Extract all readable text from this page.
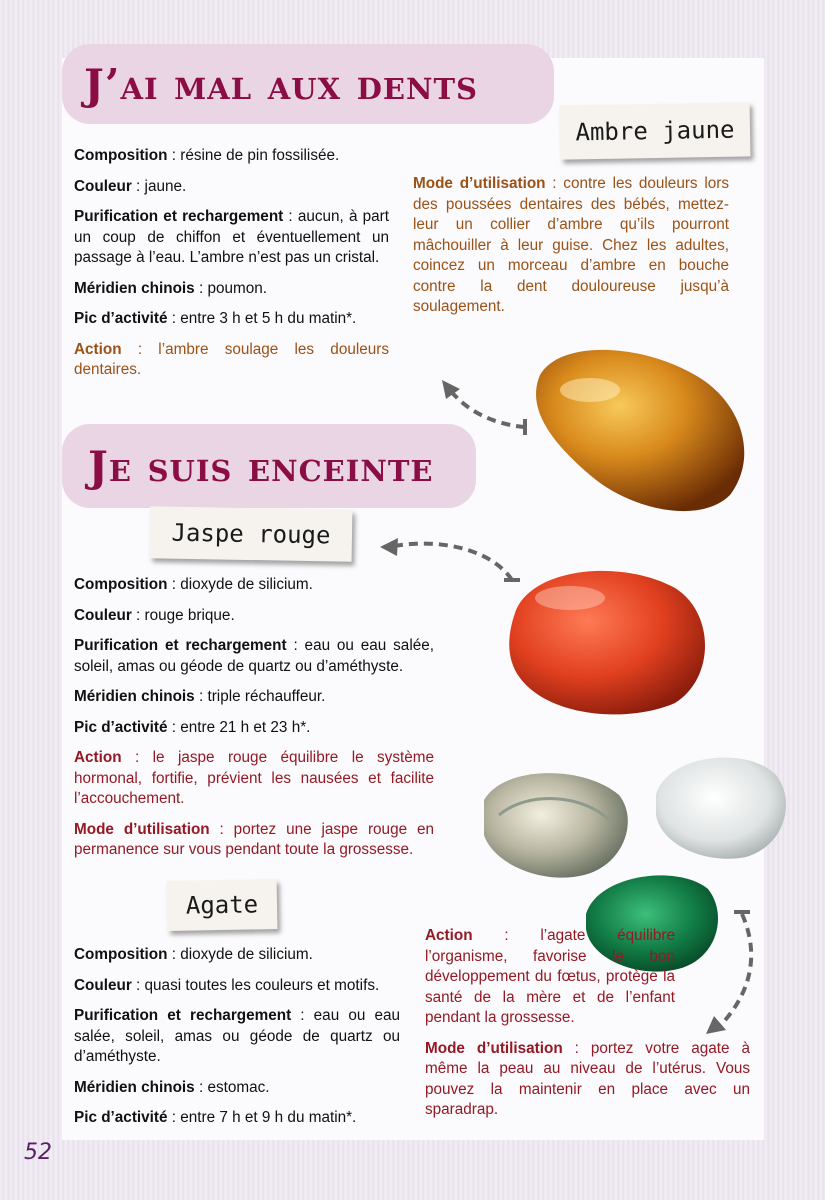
J’ai mal aux dents
Ambre jaune

Composition : résine de pin fossilisée.

Couleur : jaune.

Purification et rechargement : aucun, à part un coup de chiffon et éventuellement un passage à l’eau. L’ambre n’est pas un cristal.

Méridien chinois : poumon.

Pic d’activité : entre 3 h et 5 h du matin*.

Action : l’ambre soulage les douleurs dentaires.

Mode d’utilisation : contre les douleurs lors des poussées dentaires des bébés, mettez-leur un collier d’ambre qu’ils pourront mâchouiller à leur guise. Chez les adultes, coincez un morceau d’ambre en bouche contre la dent douloureuse jusqu’à soulagement.

Je suis enceinte
Jaspe rouge

Composition : dioxyde de silicium.

Couleur : rouge brique.

Purification et rechargement : eau ou eau salée, soleil, amas ou géode de quartz ou d’améthyste.

Méridien chinois : triple réchauffeur.

Pic d’activité : entre 21 h et 23 h*.

Action : le jaspe rouge équilibre le système hormonal, fortifie, prévient les nausées et facilite l’accouchement.

Mode d’utilisation : portez une jaspe rouge en permanence sur vous pendant toute la grossesse.

Agate

Composition : dioxyde de silicium.

Couleur : quasi toutes les couleurs et motifs.

Purification et rechargement : eau ou eau salée, soleil, amas ou géode de quartz ou d’améthyste.

Méridien chinois : estomac.

Pic d’activité : entre 7 h et 9 h du matin*.

Action : l’agate équilibre l’organisme, favorise le bon développement du fœtus, protège la santé de la mère et de l’enfant pendant la grossesse.

Mode d’utilisation : portez votre agate à même la peau au niveau de l’utérus. Vous pouvez la maintenir en place avec un sparadrap.

52
